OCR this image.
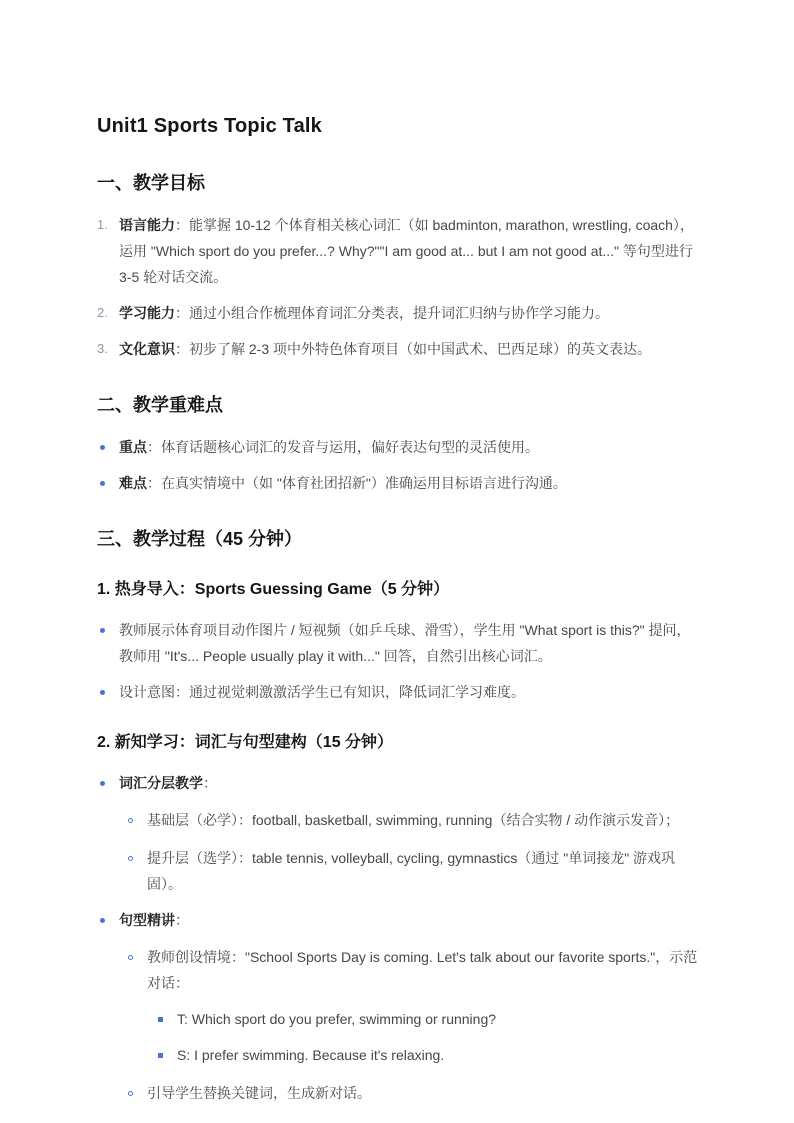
Unit1 Sports Topic Talk
一、教学目标
1. 语言能力：能掌握 10-12 个体育相关核心词汇（如 badminton, marathon, wrestling, coach），运用 "Which sport do you prefer...? Why?""I am good at... but I am not good at..." 等句型进行 3-5 轮对话交流。
2. 学习能力：通过小组合作梳理体育词汇分类表，提升词汇归纳与协作学习能力。
3. 文化意识：初步了解 2-3 项中外特色体育项目（如中国武术、巴西足球）的英文表达。
二、教学重难点
重点：体育话题核心词汇的发音与运用，偏好表达句型的灵活使用。
难点：在真实情境中（如 "体育社团招新"）准确运用目标语言进行沟通。
三、教学过程（45 分钟）
1. 热身导入：Sports Guessing Game（5 分钟）
教师展示体育项目动作图片 / 短视频（如乒乓球、滑雪），学生用 "What sport is this?" 提问，教师用 "It's... People usually play it with..." 回答，自然引出核心词汇。
设计意图：通过视觉刺激激活学生已有知识，降低词汇学习难度。
2. 新知学习：词汇与句型建构（15 分钟）
词汇分层教学：
基础层（必学）：football, basketball, swimming, running（结合实物 / 动作演示发音）；
提升层（选学）：table tennis, volleyball, cycling, gymnastics（通过 "单词接龙" 游戏巩固）。
句型精讲：
教师创设情境："School Sports Day is coming. Let's talk about our favorite sports."，示范对话：
T: Which sport do you prefer, swimming or running?
S: I prefer swimming. Because it's relaxing.
引导学生替换关键词，生成新对话。
